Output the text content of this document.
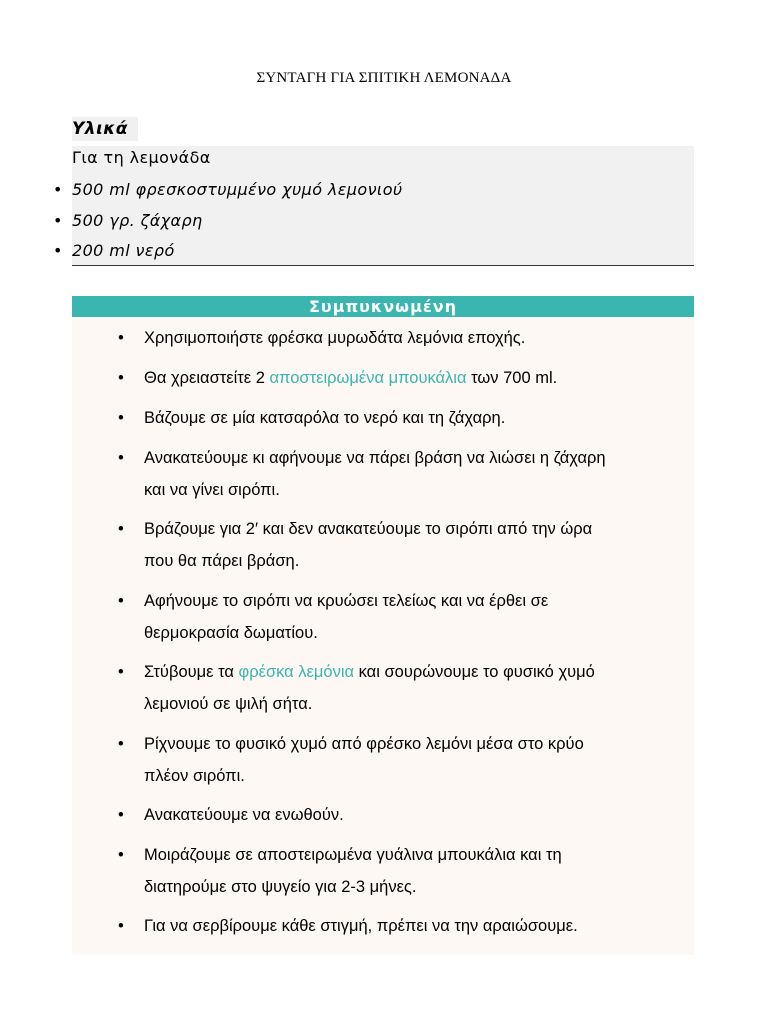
ΣΥΝΤΑΓΗ ΓΙΑ ΣΠΙΤΙΚΗ ΛΕΜΟΝΑΔΑ
Υλικά
Για τη λεμονάδα
• 500 ml φρεσκοστυμμένο χυμό λεμονιού
• 500 γρ. ζάχαρη
• 200 ml νερό
Συμπυκνωμένη
• Χρησιμοποιήστε φρέσκα μυρωδάτα λεμόνια εποχής.
• Θα χρειαστείτε 2 αποστειρωμένα μπουκάλια των 700 ml.
• Βάζουμε σε μία κατσαρόλα το νερό και τη ζάχαρη.
• Ανακατεύουμε κι αφήνουμε να πάρει βράση να λιώσει η ζάχαρη
και να γίνει σιρόπι.
• Βράζουμε για 2′ και δεν ανακατεύουμε το σιρόπι από την ώρα
που θα πάρει βράση.
• Αφήνουμε το σιρόπι να κρυώσει τελείως και να έρθει σε
θερμοκρασία δωματίου.
• Στύβουμε τα φρέσκα λεμόνια και σουρώνουμε το φυσικό χυμό
λεμονιού σε ψιλή σήτα.
• Ρίχνουμε το φυσικό χυμό από φρέσκο λεμόνι μέσα στο κρύο
πλέον σιρόπι.
• Ανακατεύουμε να ενωθούν.
• Μοιράζουμε σε αποστειρωμένα γυάλινα μπουκάλια και τη
διατηρούμε στο ψυγείο για 2-3 μήνες.
• Για να σερβίρουμε κάθε στιγμή, πρέπει να την αραιώσουμε.
